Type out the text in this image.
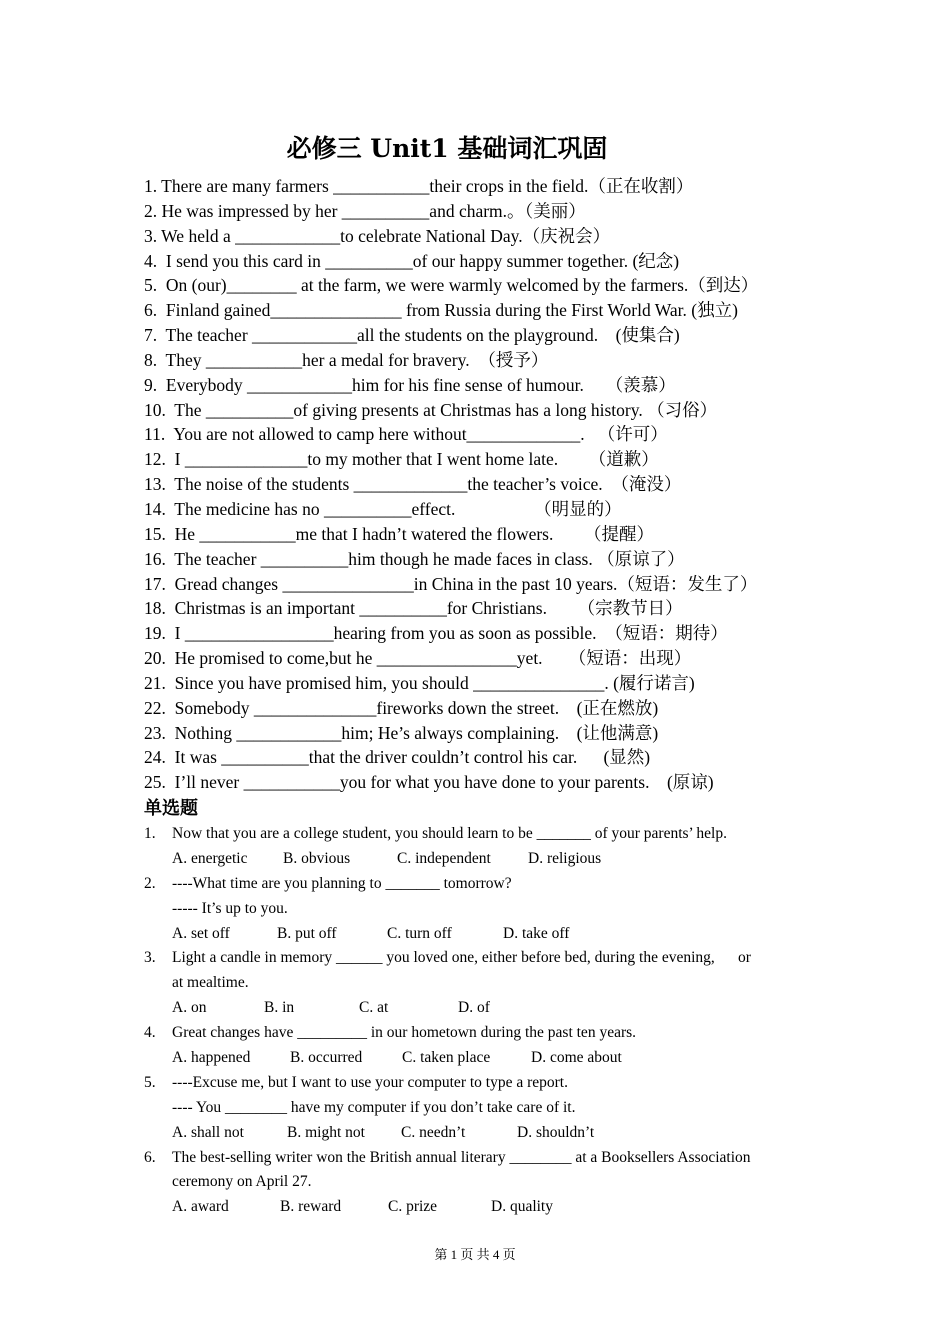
必修三 Unit1 基础词汇巩固
1. There are many farmers ___________their crops in the field.（正在收割）
2. He was impressed by her __________and charm.。（美丽）
3. We held a ____________to celebrate National Day.（庆祝会）
4.  I send you this card in __________of our happy summer together. (纪念)
5.  On (our)________ at the farm, we were warmly welcomed by the farmers.（到达）
6.  Finland gained_______________ from Russia during the First World War. (独立)
7.  The teacher ____________all the students on the playground.    (使集合)
8.  They ___________her a medal for bravery.  （授予）
9.  Everybody ____________him for his fine sense of humour.     （羡慕）
10.  The __________of giving presents at Christmas has a long history. （习俗）
11.  You are not allowed to camp here without_____________.   （许可）
12.  I ______________to my mother that I went home late.       （道歉）
13.  The noise of the students _____________the teacher’s voice.  （淹没）
14.  The medicine has no __________effect.                  （明显的）
15.  He ___________me that I hadn’t watered the flowers.       （提醒）
16.  The teacher __________him though he made faces in class. （原谅了）
17.  Gread changes _______________in China in the past 10 years.（短语：发生了）
18.  Christmas is an important __________for Christians.       （宗教节日）
19.  I _________________hearing from you as soon as possible.  （短语：期待）
20.  He promised to come,but he ________________yet.      （短语：出现）
21.  Since you have promised him, you should _______________. (履行诺言)
22.  Somebody ______________fireworks down the street.    (正在燃放)
23.  Nothing ____________him; He’s always complaining.    (让他满意)
24.  It was __________that the driver couldn’t control his car.      (显然)
25.  I’ll never ___________you for what you have done to your parents.    (原谅)
单选题
1. Now that you are a college student, you should learn to be _______ of your parents’ help.
A. energetic B. obvious	C. independent D. religious
2. ----What time are you planning to _______ tomorrow?
----- It’s up to you.
A. set off	B. put off	C. turn off	D. take off
3. Light a candle in memory ______ you loved one, either before bed, during the evening,      or
at mealtime.
A. on	B. in	C. at	D. of
4. Great changes have _________ in our hometown during the past ten years.
A. happened	B. occurred	C. taken place	D. come about
5. ----Excuse me, but I want to use your computer to type a report.
---- You ________ have my computer if you don’t take care of it.
A. shall not	B. might not C. needn’t	D. shouldn’t
6. The best-selling writer won the British annual literary ________ at a Booksellers Association
ceremony on April 27.
A. award	B. reward	C. prize	D. quality
第 1 页 共 4 页
